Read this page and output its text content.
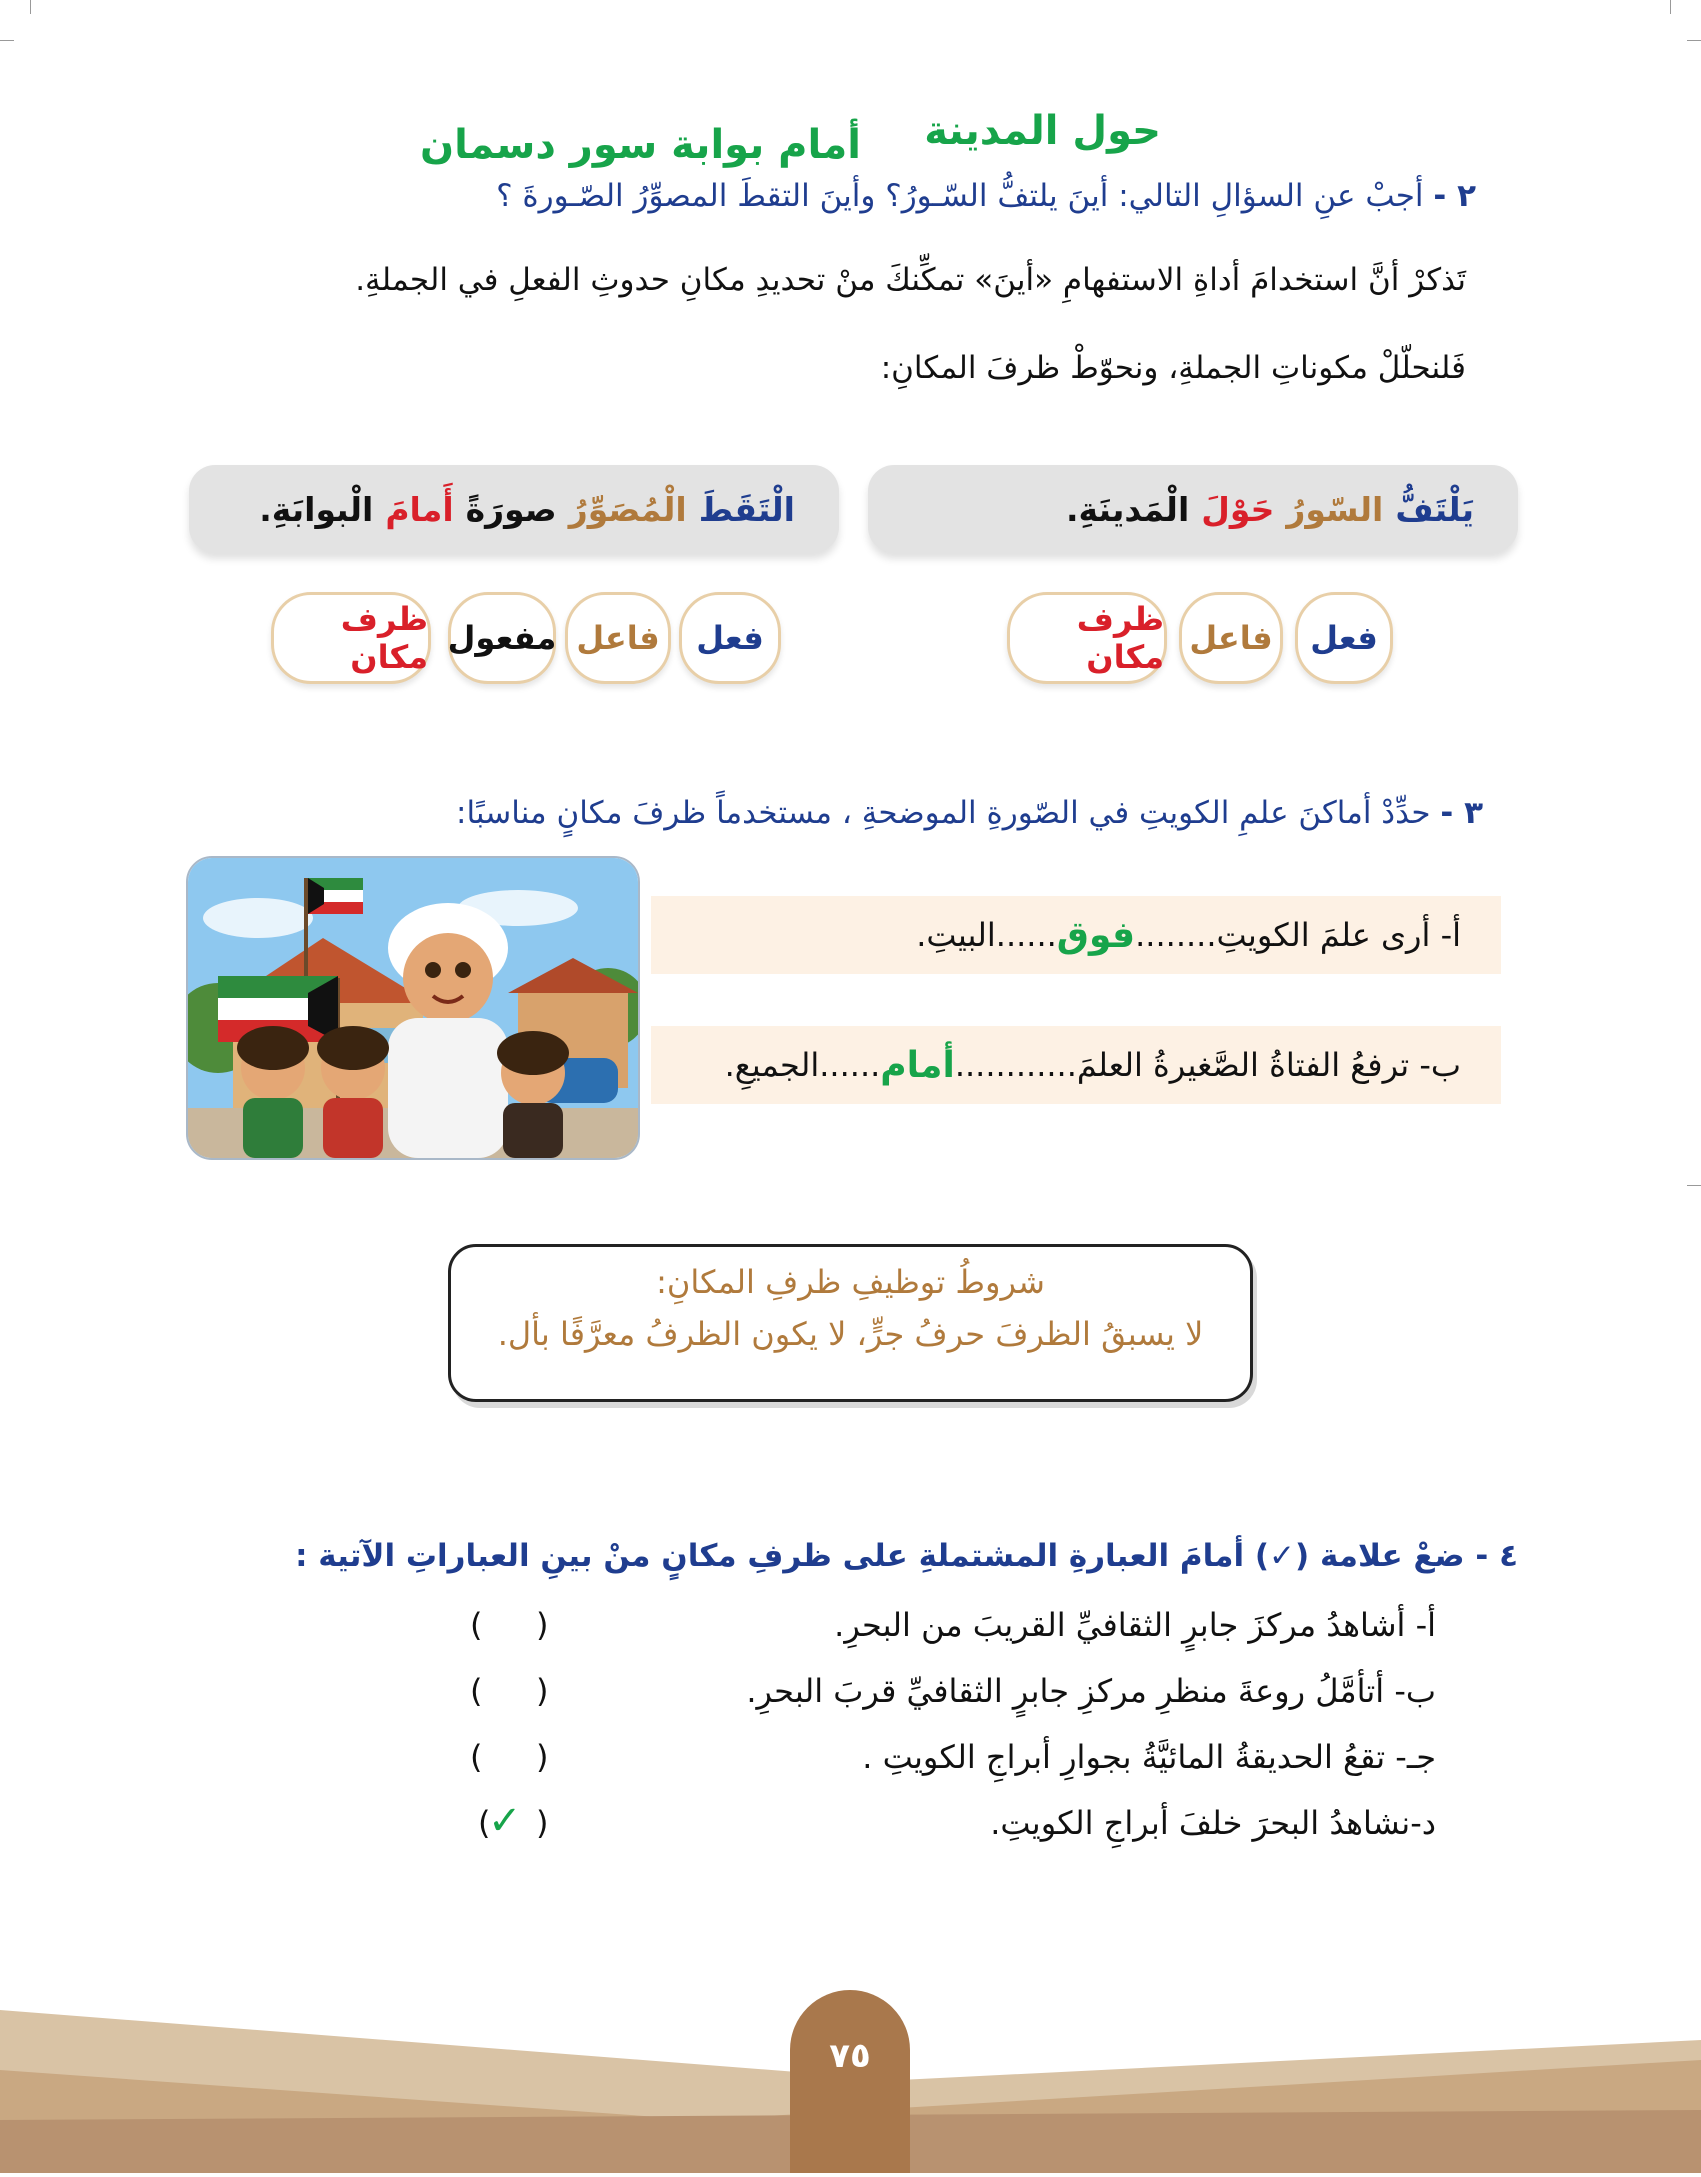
حول المدينة
أمام بوابة سور دسمان
٢ - أجبْ عنِ السؤالِ التالي: أينَ يلتفُّ السّـورُ؟ وأينَ التقطَ المصوِّرُ الصّـورةَ ؟
تَذكرْ أنَّ استخدامَ أداةِ الاستفهامِ «أينَ» تمكِّنكَ منْ تحديدِ مكانِ حدوثِ الفعلِ في الجملةِ.
فَلنحلّلْ مكوناتِ الجملةِ، ونحوّطْ ظرفَ المكانِ:
يَلْتَفُّ
السّورُ
حَوْلَ
الْمَدينَةِ.
الْتَقَطَ
الْمُصَوِّرُ
صورَةً
أَمامَ
الْبوابَةِ.
فعل
فاعل
ظرف مكان
فعل
فاعل
مفعول
ظرف مكان
٣ - حدِّدْ أماكنَ علمِ الكويتِ في الصّورةِ الموضحةِ ، مستخدماً ظرفَ مكانٍ مناسبًا:
أ- أرى علمَ الكويتِ........
فوق
......البيتِ.
ب- ترفعُ الفتاةُ الصَّغيرةُ العلمَ............
أمام
......الجميعِ.
شروطُ توظيفِ ظرفِ المكانِ:
لا يسبقُ الظرفَ حرفُ جرٍّ، لا يكون الظرفُ معرَّفًا بأل.
٤ - ضعْ علامة (✓) أمامَ العبارةِ المشتملةِ على ظرفِ مكانٍ منْ بينِ العباراتِ الآتية :
أ- أشاهدُ مركزَ جابرٍ الثقافيِّ القريبَ من البحرِ.
ب- أتأمَّلُ روعةَ منظرِ مركزِ جابرٍ الثقافيِّ قربَ البحرِ.
جـ- تقعُ الحديقةُ المائيَّةُ بجوارِ أبراجِ الكويتِ .
د-نشاهدُ البحرَ خلفَ أبراجِ الكويتِ.
(
)
(
)
(
)
(
)
✓
٧٥
